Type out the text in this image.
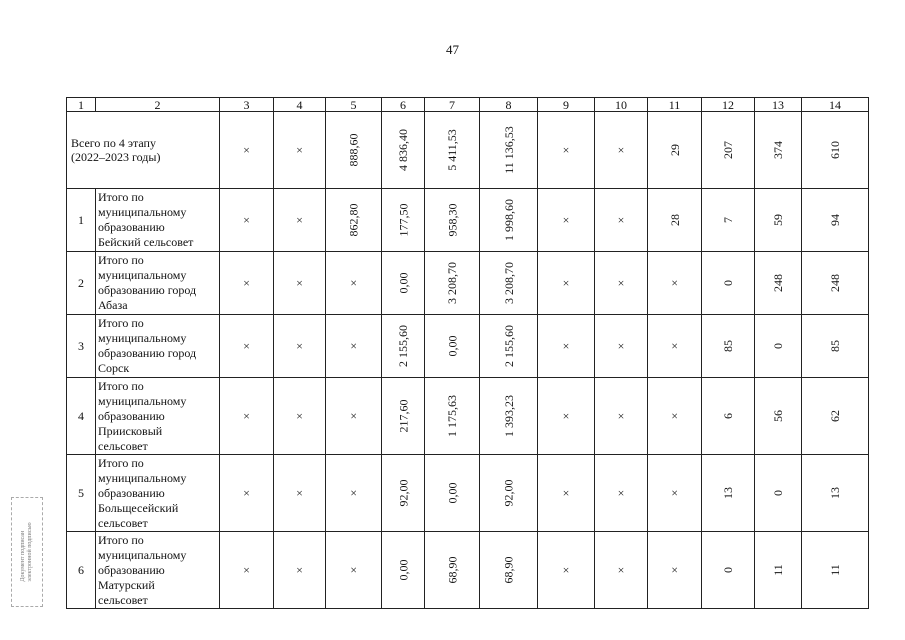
47
1	2	3	4	5	6	7	8	9	10	11	12	13	14

Всего по 4 этапу
(2022–2023 годы)		×	×	888,60	4 836,40	5 411,53	11 136,53	×	×	29	207	374	610
1	Итого по
муниципальному
образованию
Бейский сельсовет	×	×	862,80	177,50	958,30	1 998,60	×	×	28	7	59	94
2	Итого по
муниципальному
образованию город
Абаза	×	×	×	0,00	3 208,70	3 208,70	×	×	×	0	248	248
3	Итого по
муниципальному
образованию город
Сорск	×	×	×	2 155,60	0,00	2 155,60	×	×	×	85	0	85
4	Итого по
муниципальному
образованию
Приисковый
сельсовет	×	×	×	217,60	1 175,63	1 393,23	×	×	×	6	56	62
5	Итого по
муниципальному
образованию
Больщесейский
сельсовет	×	×	×	92,00	0,00	92,00	×	×	×	13	0	13
6	Итого по
муниципальному
образованию
Матурский
сельсовет	×	×	×	0,00	68,90	68,90	×	×	×	0	11	11
Документ подписан электронной подписью
